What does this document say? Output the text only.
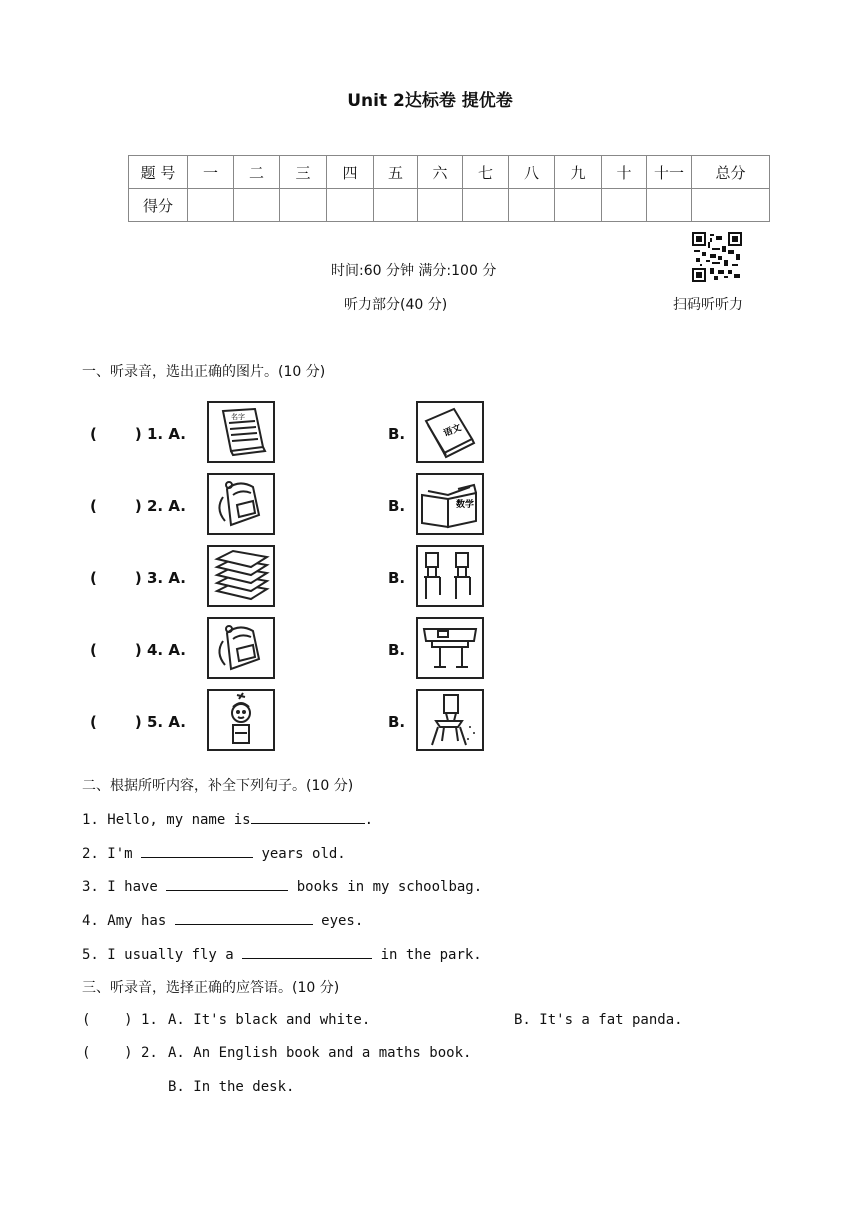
Unit 2达标卷 提优卷
题 号	一	二	三	四	五	六	七	八	九	十	十一	总分
得分												
时间:60 分钟 满分:100 分
听力部分(40 分)	扫码听听力
一、听录音，选出正确的图片。(10 分)
(	) 1. A.	B.
(	) 2. A.	B.
(	) 3. A.	B.
(	) 4. A.	B.
(	) 5. A.	B.
名字
语文
数学
二、根据所听内容，补全下列句子。(10 分)
1. Hello, my name is	.
2. I'm	years old.
3. I have	books in my schoolbag.
4. Amy has	eyes.
5. I usually fly a	in the park.
三、听录音，选择正确的应答语。(10 分)
(    ) 1. A. It's black and white.	B. It's a fat panda.
(    ) 2. A. An English book and a maths book.
B. In the desk.
